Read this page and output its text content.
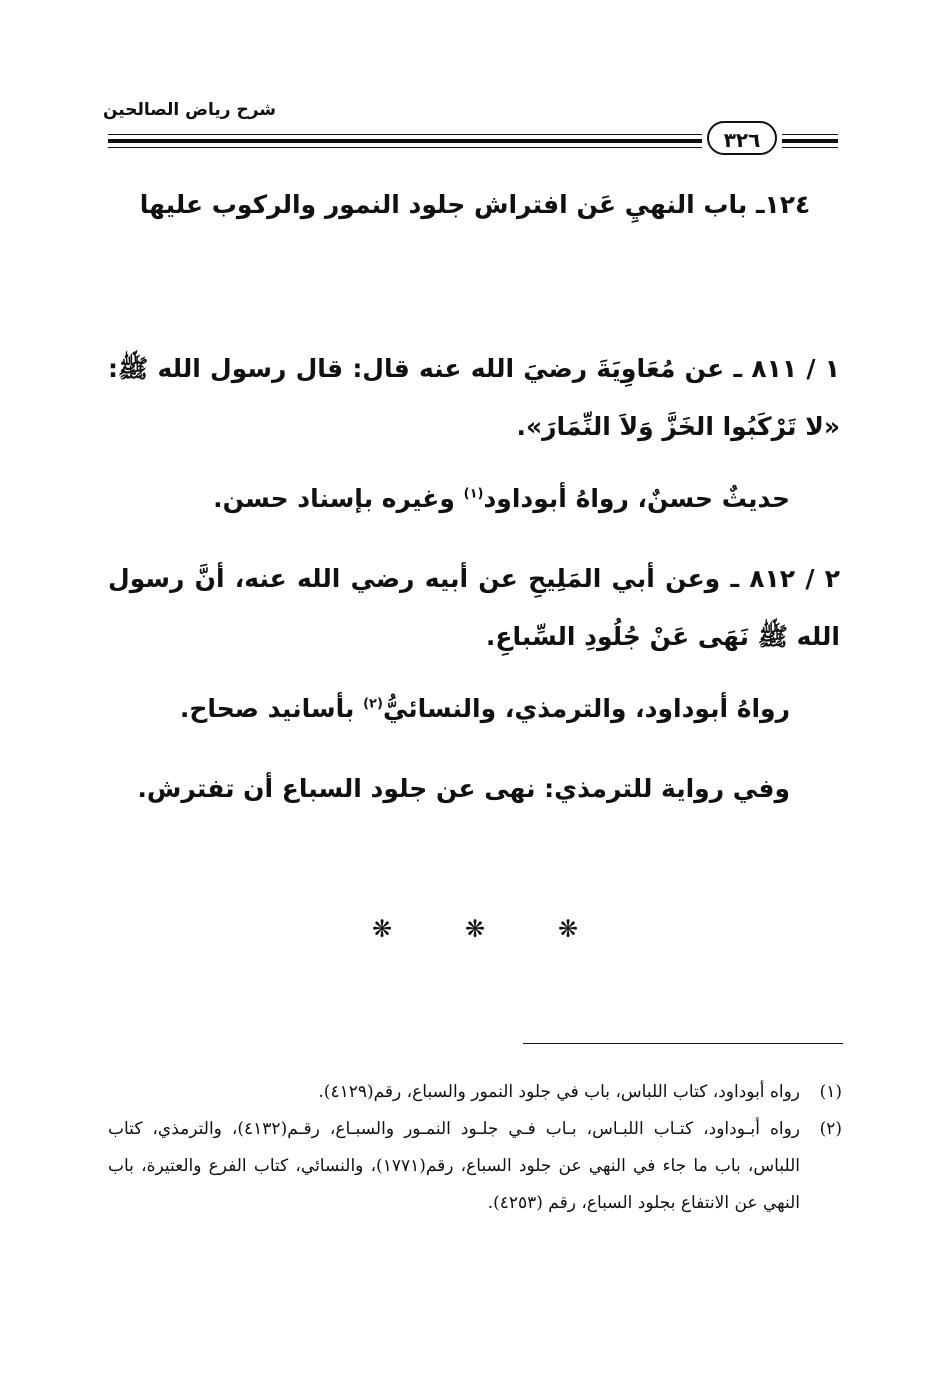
شرح رياض الصالحين
٣٢٦
١٢٤ـ باب النهيِ عَن افتراش جلود النمور والركوب عليها
١ / ٨١١ ـ عن مُعَاوِيَةَ رضيَ الله عنه قال: قال رسول الله ﷺ: «لا تَرْكَبُوا الخَزَّ وَلاَ النِّمَارَ».
حديثٌ حسنٌ، رواهُ أبوداود$^{(١)}$ وغيره بإسناد حسن.
٢ / ٨١٢ ـ وعن أبي المَلِيحِ عن أبيه رضي الله عنه، أنَّ رسول الله ﷺ نَهَى عَنْ جُلُودِ السِّباعِ.
رواهُ أبوداود، والترمذي، والنسائيُّ$^{(٢)}$ بأسانيد صحاح.
وفي رواية للترمذي: نهى عن جلود السباع أن تفترش.
❋	❋	❋
(١)
رواه أبوداود، كتاب اللباس، باب في جلود النمور والسباع، رقم(٤١٢٩).
(٢)
رواه أبـوداود، كتـاب اللبـاس، بـاب فـي جلـود النمـور والسبـاع، رقـم(٤١٣٢)، والترمذي، كتاب اللباس، باب ما جاء في النهي عن جلود السباع، رقم(١٧٧١)، والنسائي، كتاب الفرع والعتيرة، باب النهي عن الانتفاع بجلود السباع، رقم (٤٢٥٣).
